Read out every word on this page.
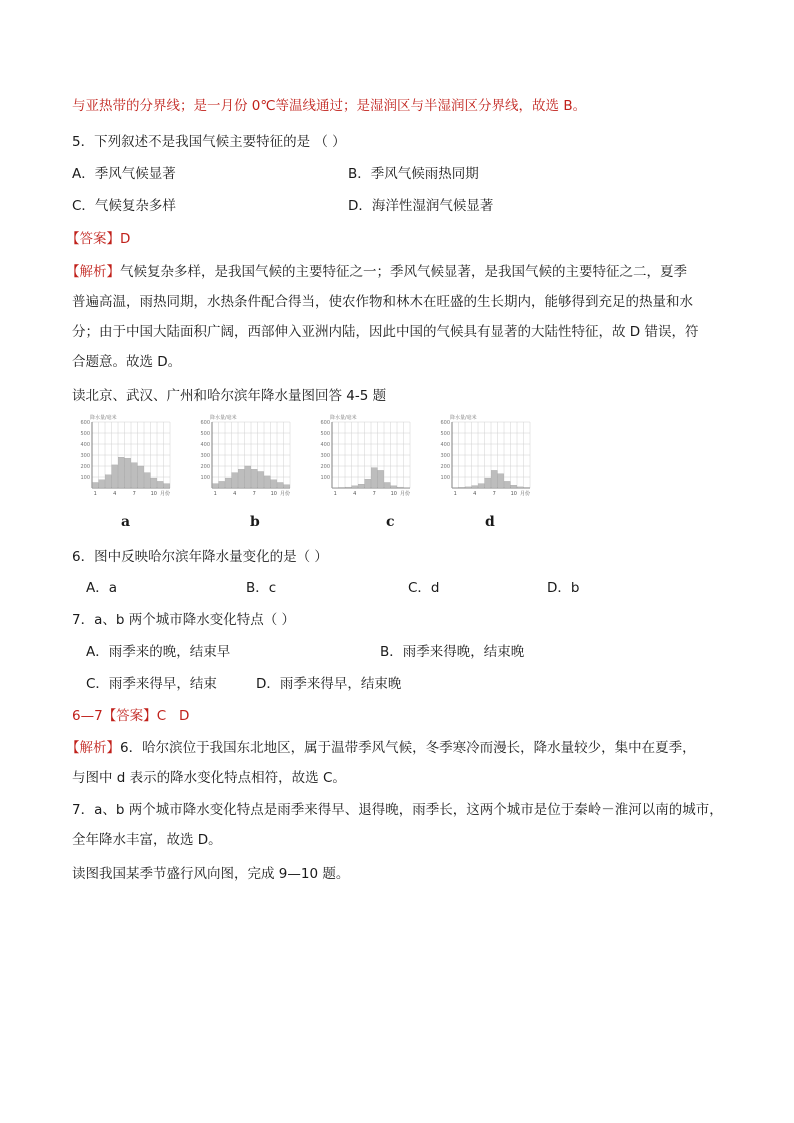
与亚热带的分界线；是一月份 0℃等温线通过；是湿润区与半湿润区分界线，故选 B。
5．下列叙述不是我国气候主要特征的是 （ ）
A．季风气候显著	B．季风气候雨热同期
C．气候复杂多样	D．海洋性湿润气候显著
【答案】D
【解析】气候复杂多样，是我国气候的主要特征之一；季风气候显著，是我国气候的主要特征之二，夏季
普遍高温，雨热同期，水热条件配合得当，使农作物和林木在旺盛的生长期内，能够得到充足的热量和水
分；由于中国大陆面积广阔，西部伸入亚洲内陆，因此中国的气候具有显著的大陆性特征，故 D 错误，符
合题意。故选 D。
读北京、武汉、广州和哈尔滨年降水量图回答 4-5 题
100
200
300
400
500
600
降水量/毫米
1	4	7	10 月份
100
200
300
400
500
600
降水量/毫米
1	4	7	10 月份
100
200
300
400
500
600
降水量/毫米
1	4	7	10 月份
100
200
300
400
500
600
降水量/毫米
1	4	7	10 月份
a	b	c	d
6．图中反映哈尔滨年降水量变化的是（ ）
A．a	B．c	C．d	D．b
7．a、b 两个城市降水变化特点（ ）
A．雨季来的晚，结束早	B．雨季来得晚，结束晚
C．雨季来得早，结束	D．雨季来得早，结束晚
6—7【答案】C   D
【解析】6．哈尔滨位于我国东北地区，属于温带季风气候，冬季寒冷而漫长，降水量较少，集中在夏季，
与图中 d 表示的降水变化特点相符，故选 C。
7．a、b 两个城市降水变化特点是雨季来得早、退得晚，雨季长，这两个城市是位于秦岭－淮河以南的城市，
全年降水丰富，故选 D。
读图我国某季节盛行风向图，完成 9—10 题。
